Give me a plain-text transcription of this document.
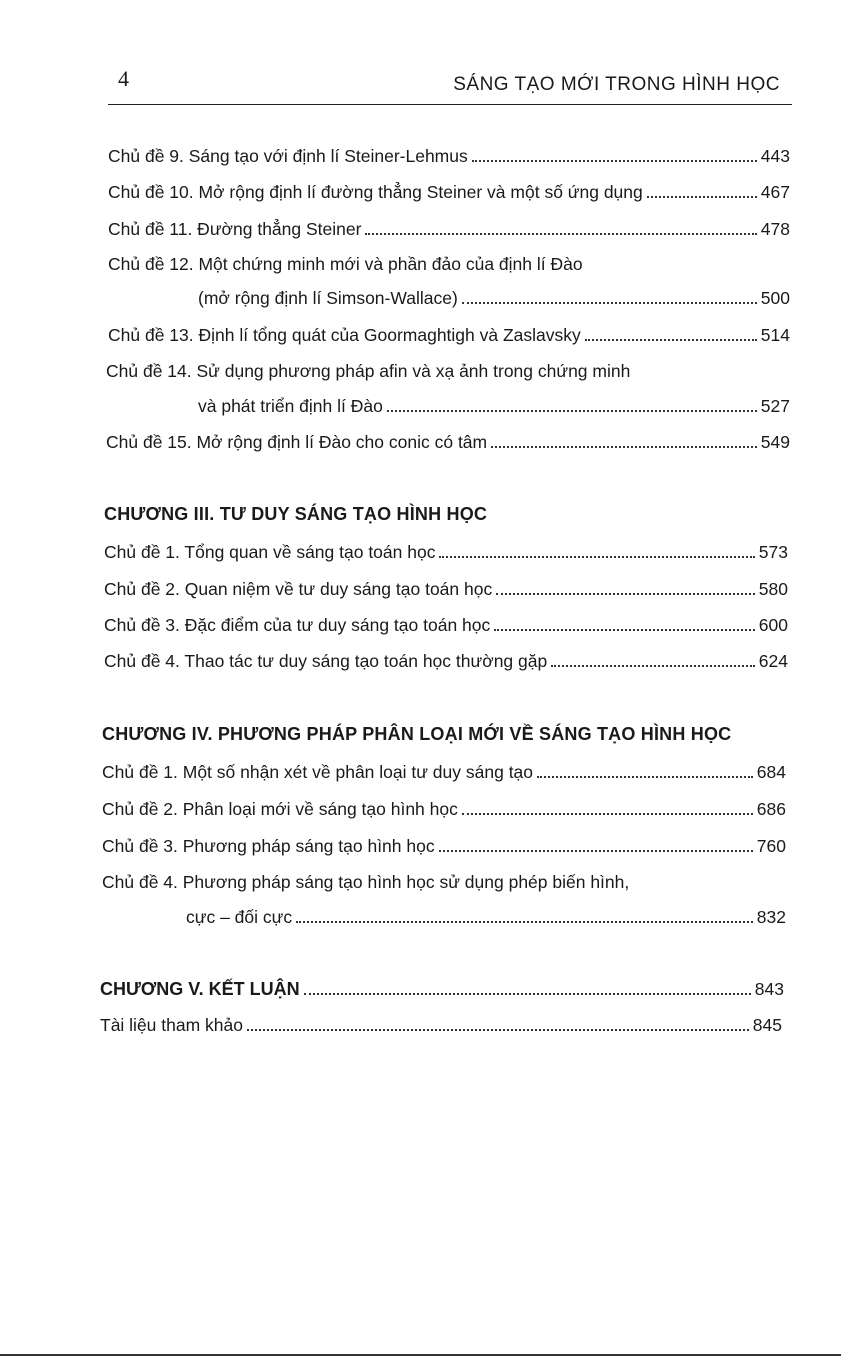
4	SÁNG TẠO MỚI TRONG HÌNH HỌC
Chủ đề 9. Sáng tạo với định lí Steiner-Lehmus	443
Chủ đề 10. Mở rộng định lí đường thẳng Steiner và một số ứng dụng	467
Chủ đề 11. Đường thẳng Steiner	478
Chủ đề 12. Một chứng minh mới và phần đảo của định lí Đào
(mở rộng định lí Simson-Wallace)	500
Chủ đề 13. Định lí tổng quát của Goormaghtigh và Zaslavsky	514
Chủ đề 14. Sử dụng phương pháp afin và xạ ảnh trong chứng minh
và phát triển định lí Đào	527
Chủ đề 15. Mở rộng định lí Đào cho conic có tâm	549
CHƯƠNG III. TƯ DUY SÁNG TẠO HÌNH HỌC
Chủ đề 1. Tổng quan về sáng tạo toán học	573
Chủ đề 2. Quan niệm về tư duy sáng tạo toán học	580
Chủ đề 3. Đặc điểm của tư duy sáng tạo toán học	600
Chủ đề 4. Thao tác tư duy sáng tạo toán học thường gặp	624
CHƯƠNG IV. PHƯƠNG PHÁP PHÂN LOẠI MỚI VỀ SÁNG TẠO HÌNH HỌC
Chủ đề 1. Một số nhận xét về phân loại tư duy sáng tạo	684
Chủ đề 2. Phân loại mới về sáng tạo hình học	686
Chủ đề 3. Phương pháp sáng tạo hình học	760
Chủ đề 4. Phương pháp sáng tạo hình học sử dụng phép biến hình,
cực – đối cực	832
CHƯƠNG V. KẾT LUẬN	843
Tài liệu tham khảo	845
